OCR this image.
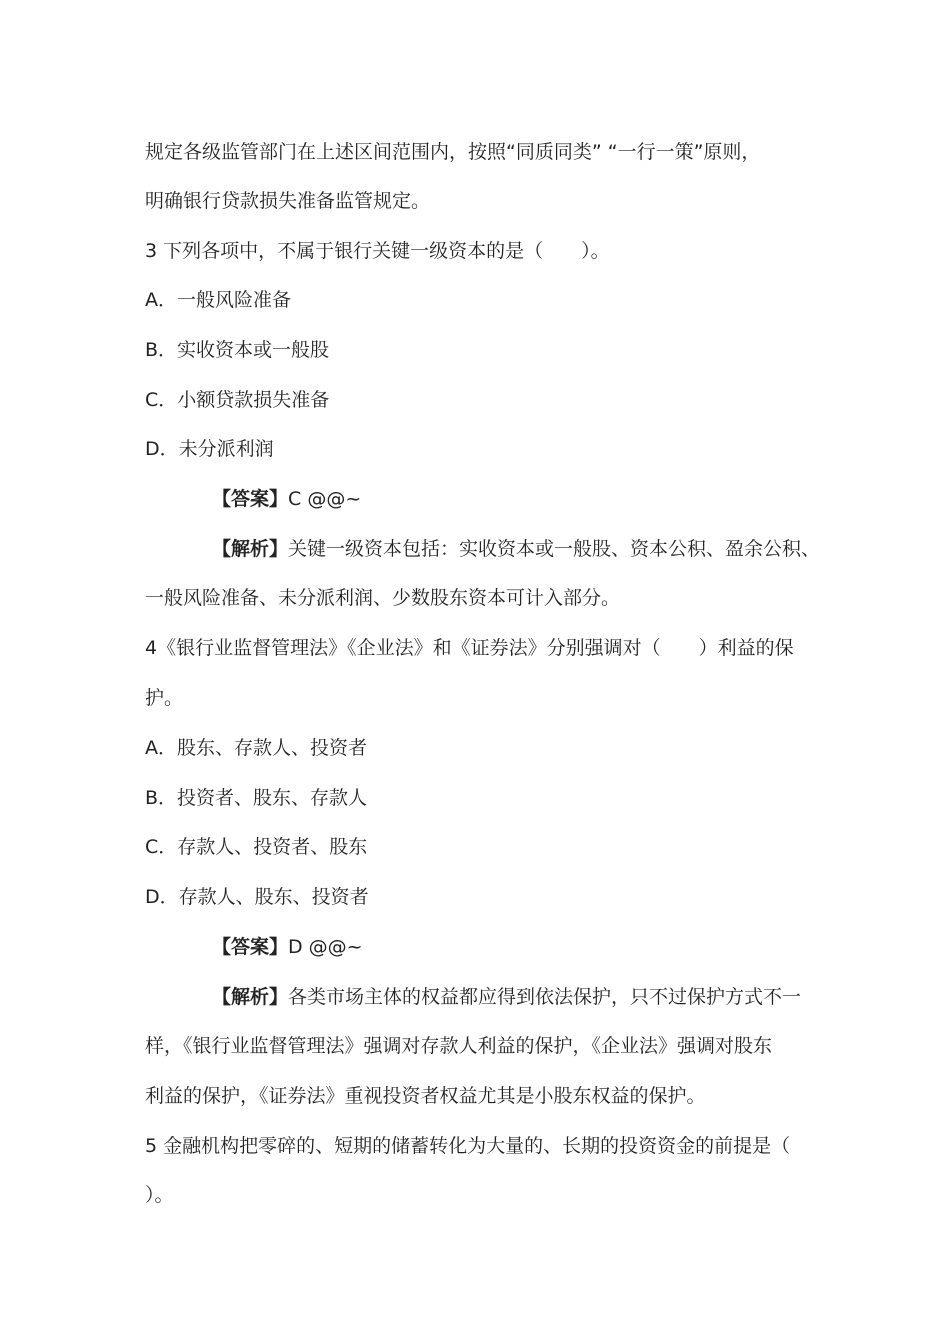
规定各级监管部门在上述区间范围内，按照“同质同类” “一行一策”原则，
明确银行贷款损失准备监管规定。
3 下列各项中，不属于银行关键一级资本的是（　　）。
A．一般风险准备
B．实收资本或一般股
C．小额贷款损失准备
D．未分派利润
【答案】C @@~
【解析】关键一级资本包括：实收资本或一般股、资本公积、盈余公积、
一般风险准备、未分派利润、少数股东资本可计入部分。
4《银行业监督管理法》《企业法》和《证券法》分别强调对（　　）利益的保
护。
A．股东、存款人、投资者
B．投资者、股东、存款人
C．存款人、投资者、股东
D．存款人、股东、投资者
【答案】D @@~
【解析】各类市场主体的权益都应得到依法保护，只不过保护方式不一
样，《银行业监督管理法》强调对存款人利益的保护，《企业法》强调对股东
利益的保护，《证券法》重视投资者权益尤其是小股东权益的保护。
5 金融机构把零碎的、短期的储蓄转化为大量的、长期的投资资金的前提是（
）。
